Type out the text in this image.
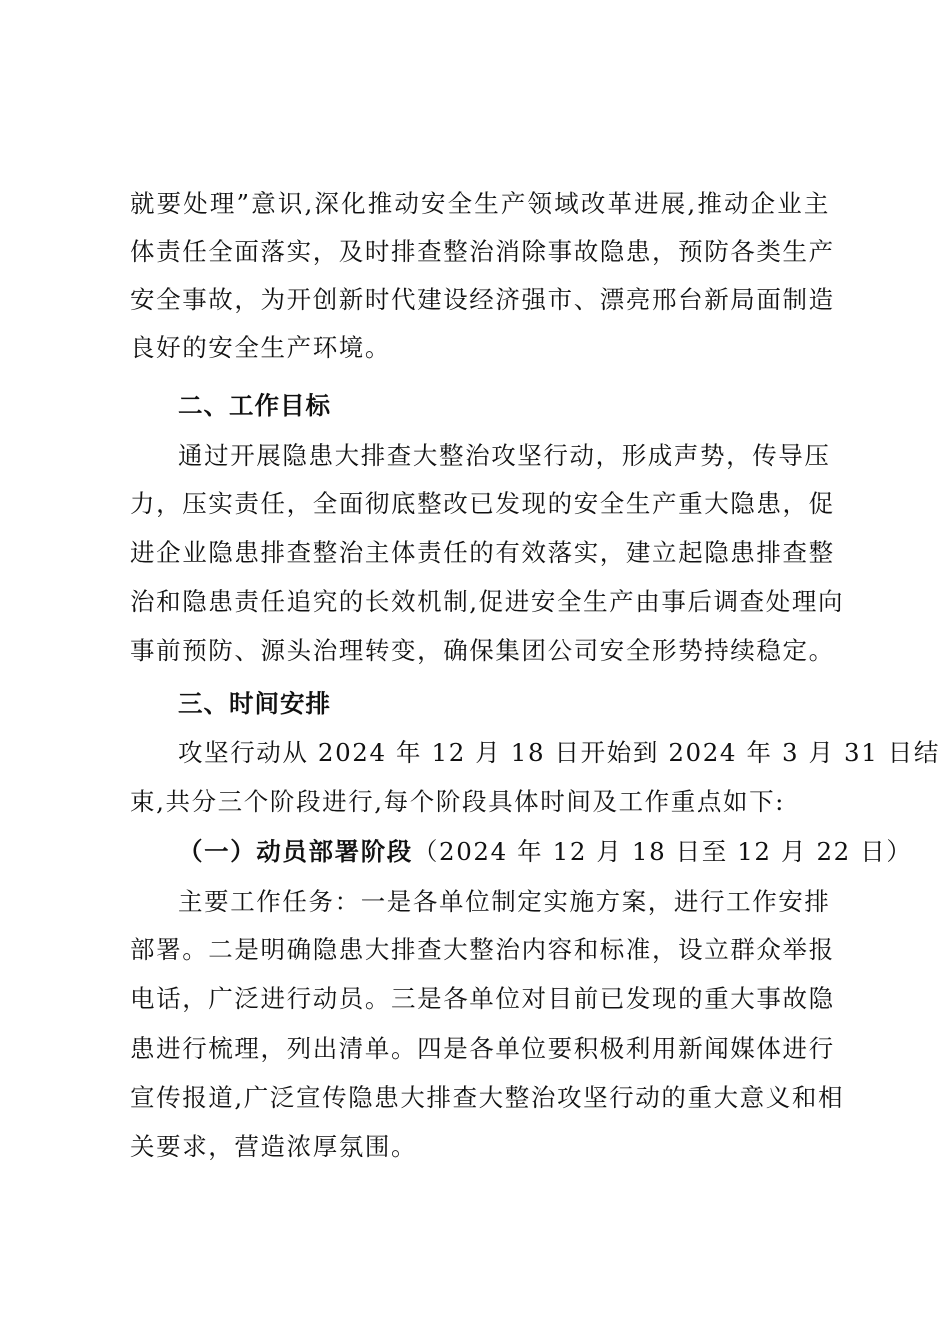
就要处理”意识,深化推动安全生产领域改革进展,推动企业主
体责任全面落实，及时排查整治消除事故隐患，预防各类生产
安全事故，为开创新时代建设经济强市、漂亮邢台新局面制造
良好的安全生产环境。
二、工作目标
通过开展隐患大排查大整治攻坚行动，形成声势，传导压
力，压实责任，全面彻底整改已发现的安全生产重大隐患，促
进企业隐患排查整治主体责任的有效落实，建立起隐患排查整
治和隐患责任追究的长效机制,促进安全生产由事后调查处理向
事前预防、源头治理转变，确保集团公司安全形势持续稳定。
三、时间安排
攻坚行动从 2024 年 12 月 18 日开始到 2024 年 3 月 31 日结
束,共分三个阶段进行,每个阶段具体时间及工作重点如下:
（一）动员部署阶段（2024 年 12 月 18 日至 12 月 22 日）
主要工作任务：一是各单位制定实施方案，进行工作安排
部署。二是明确隐患大排查大整治内容和标准，设立群众举报
电话，广泛进行动员。三是各单位对目前已发现的重大事故隐
患进行梳理，列出清单。四是各单位要积极利用新闻媒体进行
宣传报道,广泛宣传隐患大排查大整治攻坚行动的重大意义和相
关要求，营造浓厚氛围。
